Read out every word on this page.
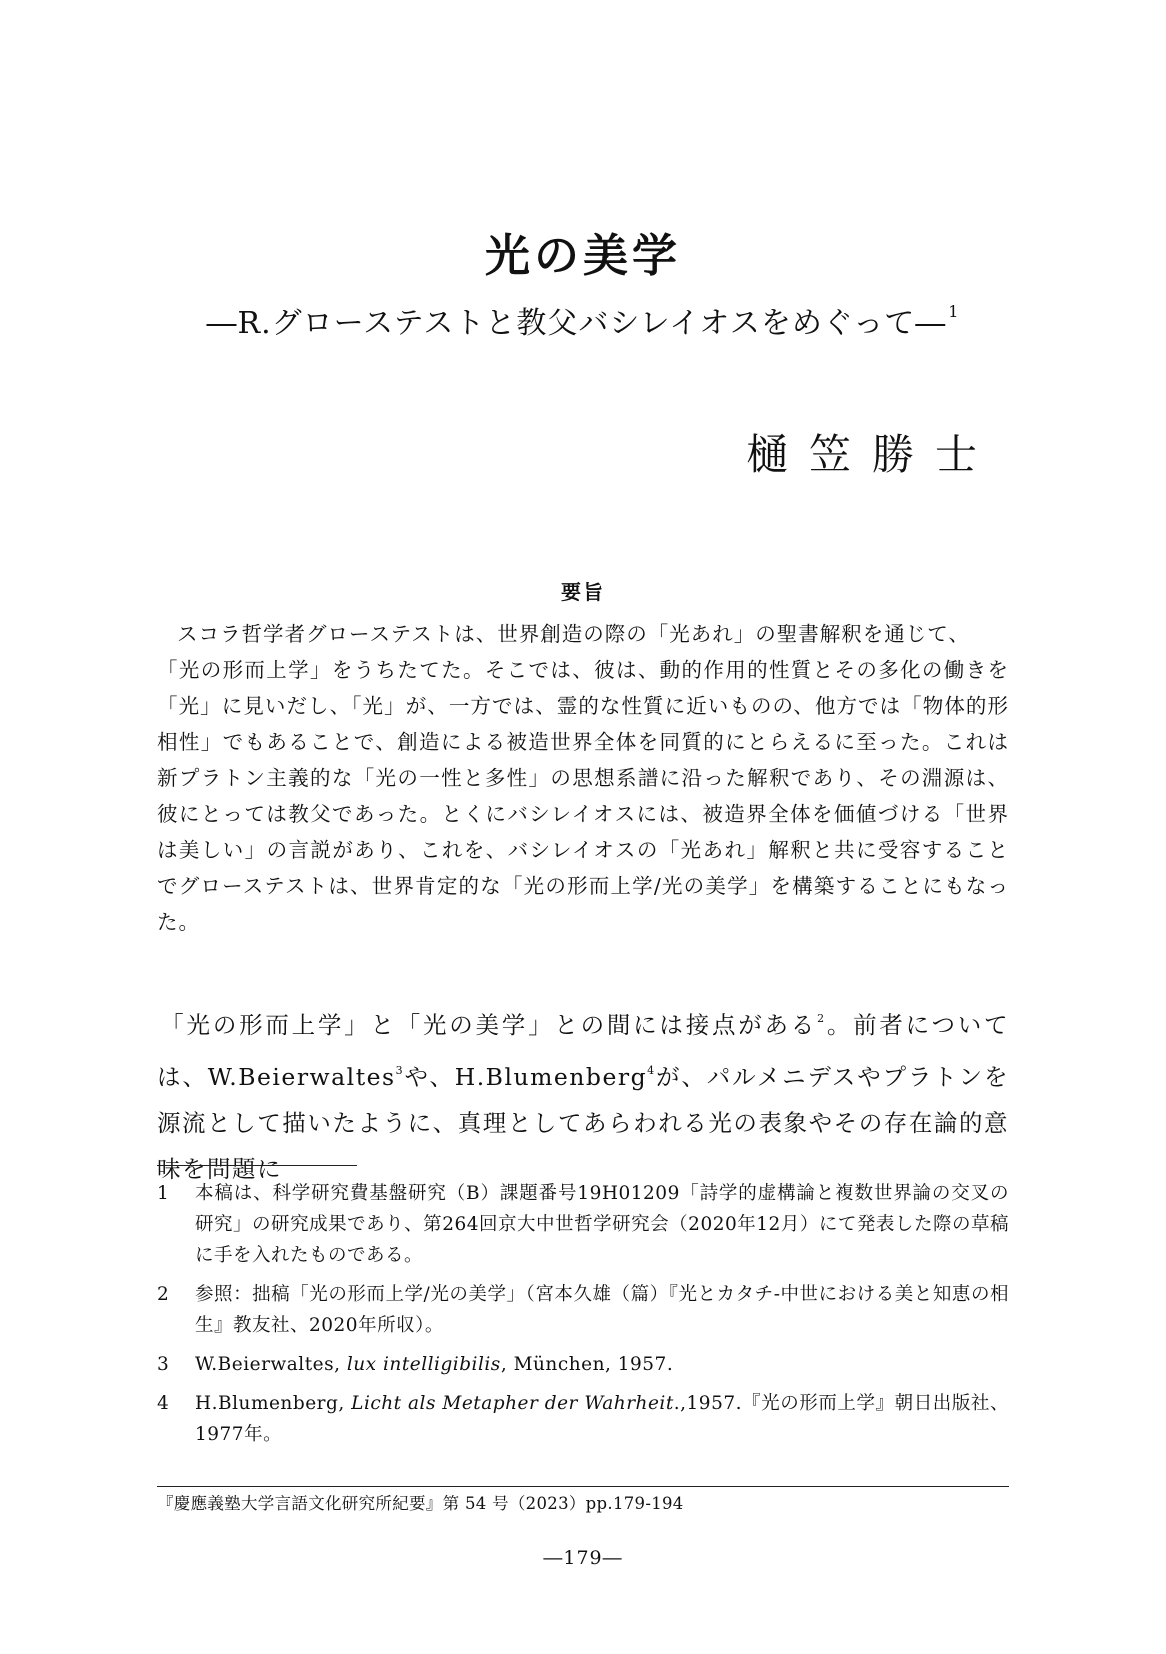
光の美学
―R.グローステストと教父バシレイオスをめぐって― $^1$
樋笠勝士
要旨
スコラ哲学者グローステストは、世界創造の際の「光あれ」の聖書解釈を通じて、
「光の形而上学」をうちたてた。そこでは、彼は、動的作用的性質とその多化の働きを「光」に見いだし、「光」が、一方では、霊的な性質に近いものの、他方では「物体的形相性」でもあることで、創造による被造世界全体を同質的にとらえるに至った。これは新プラトン主義的な「光の一性と多性」の思想系譜に沿った解釈であり、その淵源は、彼にとっては教父であった。とくにバシレイオスには、被造界全体を価値づける「世界は美しい」の言説があり、これを、バシレイオスの「光あれ」解釈と共に受容することでグローステストは、世界肯定的な「光の形而上学/光の美学」を構築することにもなった。
「光の形而上学」と「光の美学」との間には接点がある$^2$。前者については、W.Beierwaltes$^3$や、H.Blumenberg$^4$が、パルメニデスやプラトンを源流として描いたように、真理としてあらわれる光の表象やその存在論的意味を問題に
1	本稿は、科学研究費基盤研究（B）課題番号19H01209「詩学的虚構論と複数世界論の交叉の研究」の研究成果であり、第264回京大中世哲学研究会（2020年12月）にて発表した際の草稿に手を入れたものである。
2	参照：拙稿「光の形而上学/光の美学」（宮本久雄（篇）『光とカタチ-中世における美と知恵の相生』教友社、2020年所収）。
3	W.Beierwaltes, lux intelligibilis, München, 1957.
4	H.Blumenberg, Licht als Metapher der Wahrheit.,1957.『光の形而上学』朝日出版社、1977年。
『慶應義塾大学言語文化研究所紀要』第 54 号（2023）pp.179-194
―179―
